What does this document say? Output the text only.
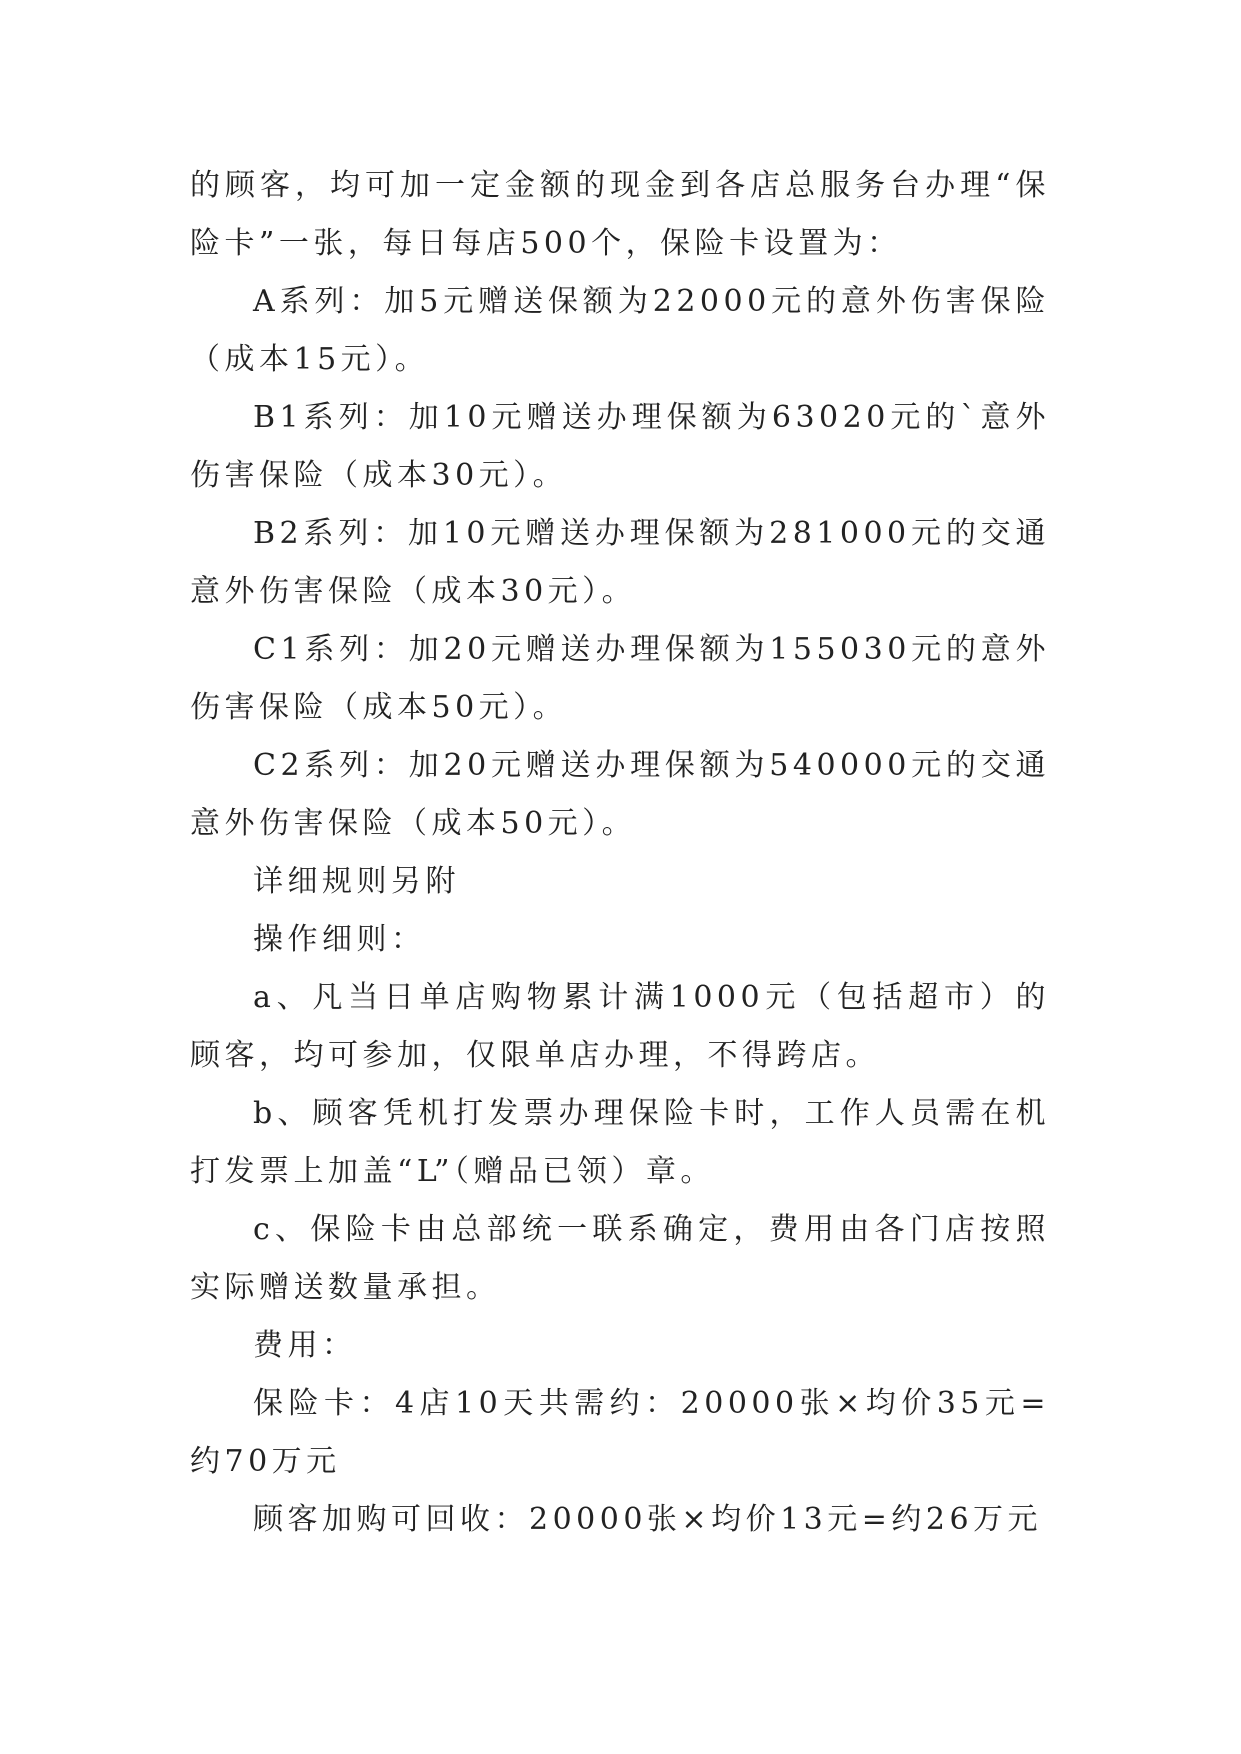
的顾客，均可加一定金额的现金到各店总服务台办理“保险卡”一张，每日每店500个，保险卡设置为：

A系列：加5元赠送保额为22000元的意外伤害保险（成本15元）。

B1系列：加10元赠送办理保额为63020元的`意外伤害保险（成本30元）。

B2系列：加10元赠送办理保额为281000元的交通意外伤害保险（成本30元）。

C1系列：加20元赠送办理保额为155030元的意外伤害保险（成本50元）。

C2系列：加20元赠送办理保额为540000元的交通意外伤害保险（成本50元）。

详细规则另附

操作细则：

a、凡当日单店购物累计满1000元（包括超市）的顾客，均可参加，仅限单店办理，不得跨店。

b、顾客凭机打发票办理保险卡时，工作人员需在机打发票上加盖“L”（赠品已领）章。

c、保险卡由总部统一联系确定，费用由各门店按照实际赠送数量承担。

费用：

保险卡：4店10天共需约：20000张×均价35元=约70万元

顾客加购可回收：20000张×均价13元=约26万元
